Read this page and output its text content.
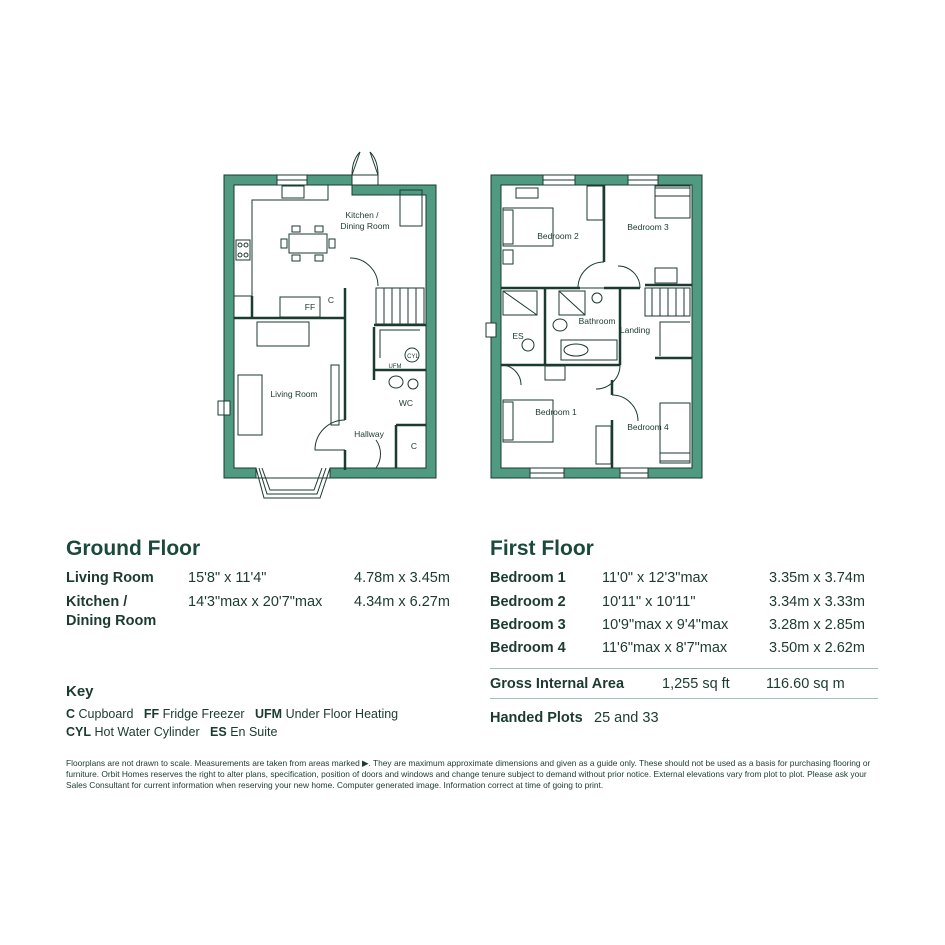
Kitchen /
Dining Room
Living Room
Hallway
WC
FF
C
C
UFM
CYL
Bedroom 2
Bedroom 3
Bedroom 1
Bedroom 4
Bathroom
Landing
ES
Ground Floor
Living Room 15'8" x 11'4"	4.78m x 3.45m
Kitchen /
Dining Room
14'3"max x 20'7"max 4.34m x 6.27m
Key
C Cupboard FF Fridge Freezer UFM Under Floor Heating
CYL Hot Water Cylinder ES En Suite
First Floor
Bedroom 1	11'0" x 12'3"max	3.35m x 3.74m
Bedroom 2	10'11" x 10'11"	3.34m x 3.33m
Bedroom 3	10'9"max x 9'4"max	3.28m x 2.85m
Bedroom 4	11'6"max x 8'7"max	3.50m x 2.62m
Gross Internal Area	1,255 sq ft	116.60 sq m
Handed Plots 25 and 33
Floorplans are not drawn to scale. Measurements are taken from areas marked ▶. They are maximum approximate dimensions and given as a guide only. These should not be used as a basis for purchasing flooring or furniture. Orbit Homes reserves the right to alter plans, specification, position of doors and windows and change tenure subject to demand without prior notice. External elevations vary from plot to plot. Please ask your Sales Consultant for current information when reserving your new home. Computer generated image. Information correct at time of going to print.
